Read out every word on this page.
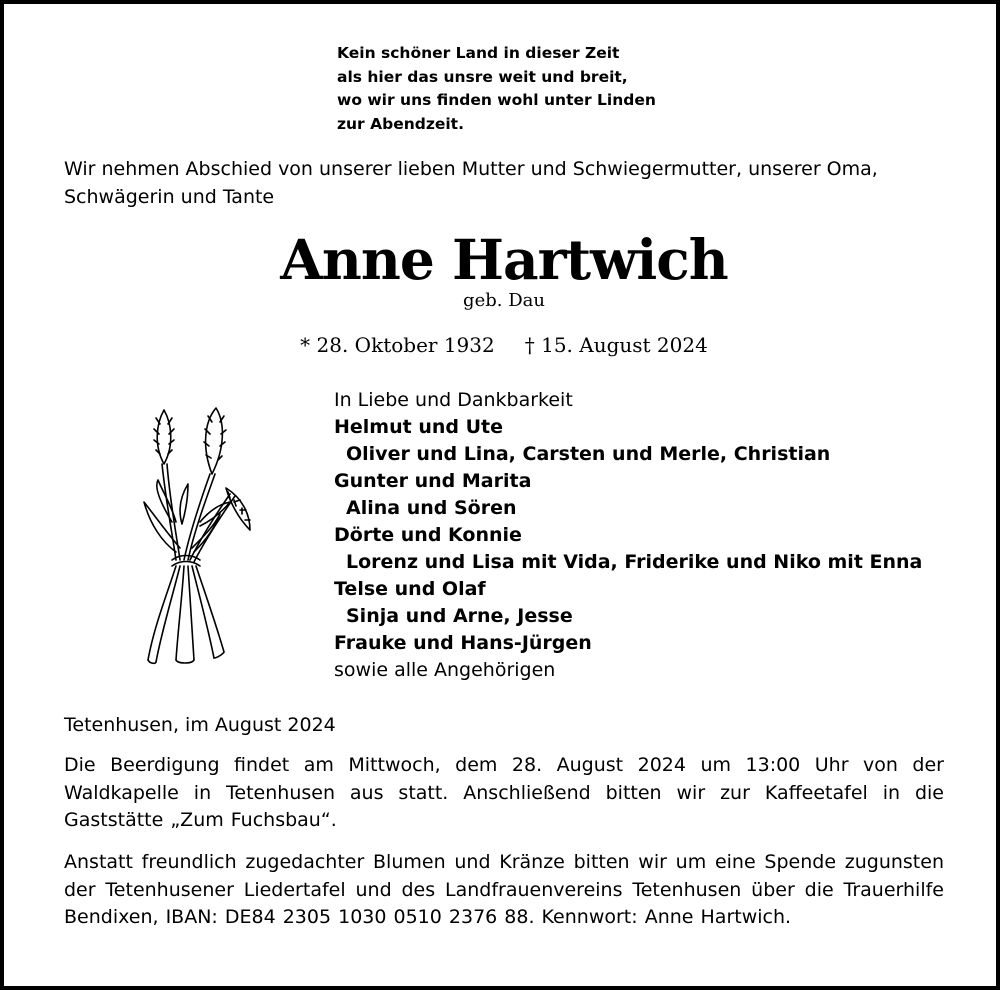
Kein schöner Land in dieser Zeit
als hier das unsre weit und breit,
wo wir uns finden wohl unter Linden
zur Abendzeit.
Wir nehmen Abschied von unserer lieben Mutter und Schwiegermutter, unserer Oma, Schwägerin und Tante
Anne Hartwich
geb. Dau
* 28. Oktober 1932 † 15. August 2024
In Liebe und Dankbarkeit
Helmut und Ute
Oliver und Lina, Carsten und Merle, Christian
Gunter und Marita
Alina und Sören
Dörte und Konnie
Lorenz und Lisa mit Vida, Friderike und Niko mit Enna
Telse und Olaf
Sinja und Arne, Jesse
Frauke und Hans-Jürgen
sowie alle Angehörigen
Tetenhusen, im August 2024
Die Beerdigung findet am Mittwoch, dem 28. August 2024 um 13:00 Uhr von der Waldkapelle in Tetenhusen aus statt. Anschließend bitten wir zur Kaffeetafel in die Gaststätte „Zum Fuchsbau“.
Anstatt freundlich zugedachter Blumen und Kränze bitten wir um eine Spende zugunsten der Tetenhusener Liedertafel und des Landfrauenvereins Tetenhusen über die Trauerhilfe Bendixen, IBAN: DE84 2305 1030 0510 2376 88. Kennwort: Anne Hartwich.
